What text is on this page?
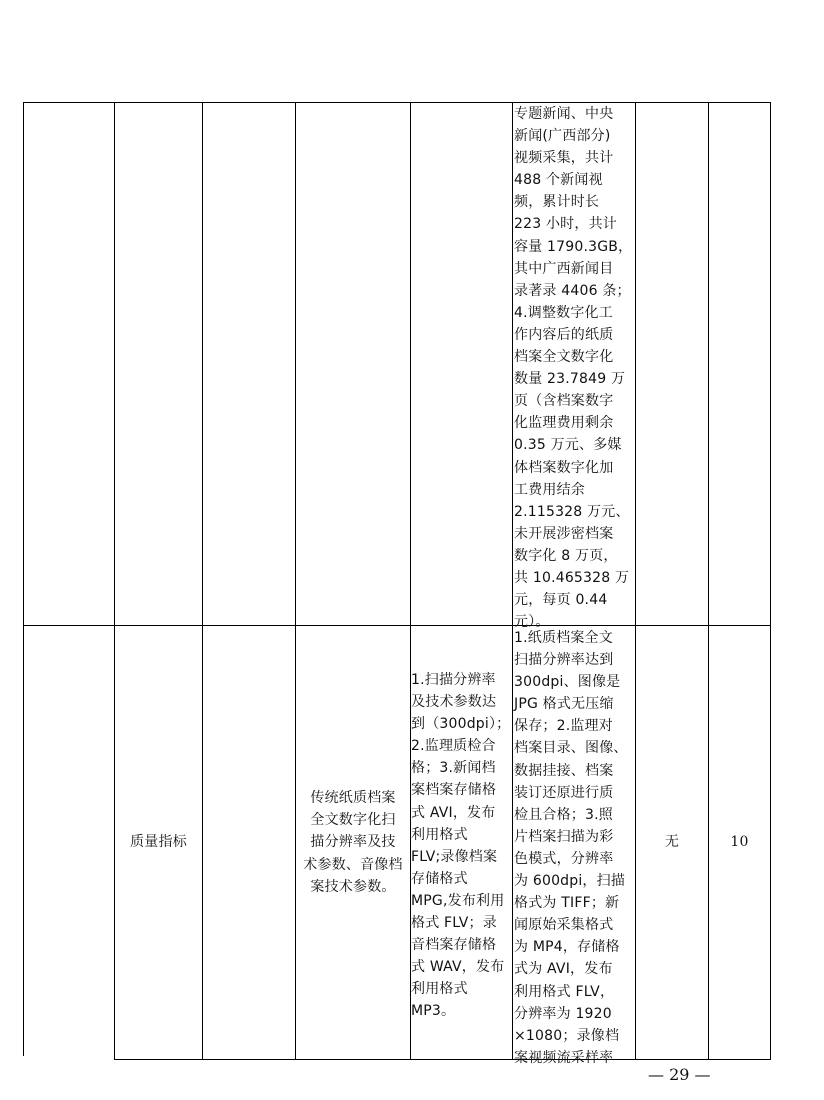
专题新闻、中央
新闻(广西部分)
视频采集，共计
488 个新闻视
频，累计时长
223 小时，共计
容量 1790.3GB，
其中广西新闻目
录著录 4406 条；
4.调整数字化工
作内容后的纸质
档案全文数字化
数量 23.7849 万
页（含档案数字
化监理费用剩余
0.35 万元、多媒
体档案数字化加
工费用结余
2.115328 万元、
未开展涉密档案
数字化 8 万页，
共 10.465328 万
元，每页 0.44
元）。
质量指标
传统纸质档案
全文数字化扫
描分辨率及技
术参数、音像档
案技术参数。
1.扫描分辨率
及技术参数达
到（300dpi）；
2.监理质检合
格；3.新闻档
案档案存储格
式 AVI，发布
利用格式
FLV;录像档案
存储格式
MPG,发布利用
格式 FLV；录
音档案存储格
式 WAV，发布
利用格式
MP3。
1.纸质档案全文
扫描分辨率达到
300dpi、图像是
JPG 格式无压缩
保存；2.监理对
档案目录、图像、
数据挂接、档案
装订还原进行质
检且合格；3.照
片档案扫描为彩
色模式，分辨率
为 600dpi，扫描
格式为 TIFF；新
闻原始采集格式
为 MP4，存储格
式为 AVI，发布
利用格式 FLV，
分辨率为 1920
×1080；录像档
案视频流采样率
无	10
— 29 —
